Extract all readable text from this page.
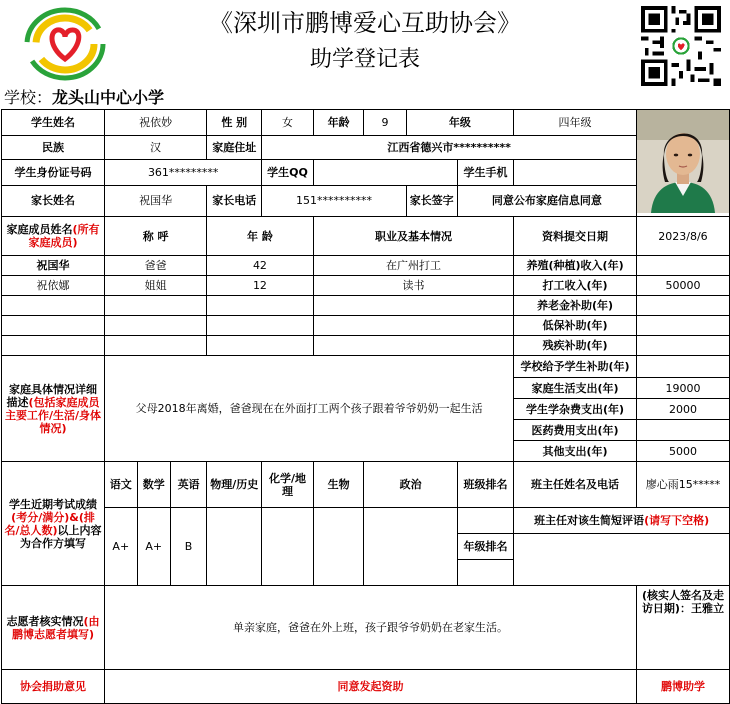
《深圳市鹏博爱心互助协会》
助学登记表
学校：龙头山中心小学
学生姓名	祝依妙			性 别	女	年龄	9	年级		四年级	
民族	汉			家庭住址	江西省德兴市**********						
学生身份证号码	361*********				学生QQ				学生手机		
家长姓名	祝国华			家长电话	151**********			家长签字	同意公布家庭信息同意		
家庭成员姓名(所有家庭成员)	称 呼			年 龄		职业及基本情况				资料提交日期	2023/8/6
祝国华	爸爸			42		在广州打工				养殖(种植)收入(年)	
祝依娜	姐姐			12		读书				打工收入(年)	50000
										养老金补助(年)	
										低保补助(年)	
										残疾补助(年)	
家庭具体情况详细描述(包括家庭成员主要工作/生活/身体情况)	父母2018年离婚，爸爸现在在外面打工两个孩子跟着爷爷奶奶一起生活									学校给予学生补助(年)	
										家庭生活支出(年)	19000
										学生学杂费支出(年)	2000
										医药费用支出(年)	
										其他支出(年)	5000
学生近期考试成绩(考分/满分)&(排名/总人数)以上内容为合作方填写	语文	数学	英语	物理/历史	化学/地理	生物	政治		班级排名	班主任姓名及电话	廖心雨15*****
	A+	A+	B							班主任对该生简短评语(请写下空格)	
									年级排名		

志愿者核实情况(由鹏博志愿者填写)	单亲家庭，爸爸在外上班，孩子跟爷爷奶奶在老家生活。										(核实人签名及走访日期)：王雅立
协会捐助意见	同意发起资助										鹏博助学
